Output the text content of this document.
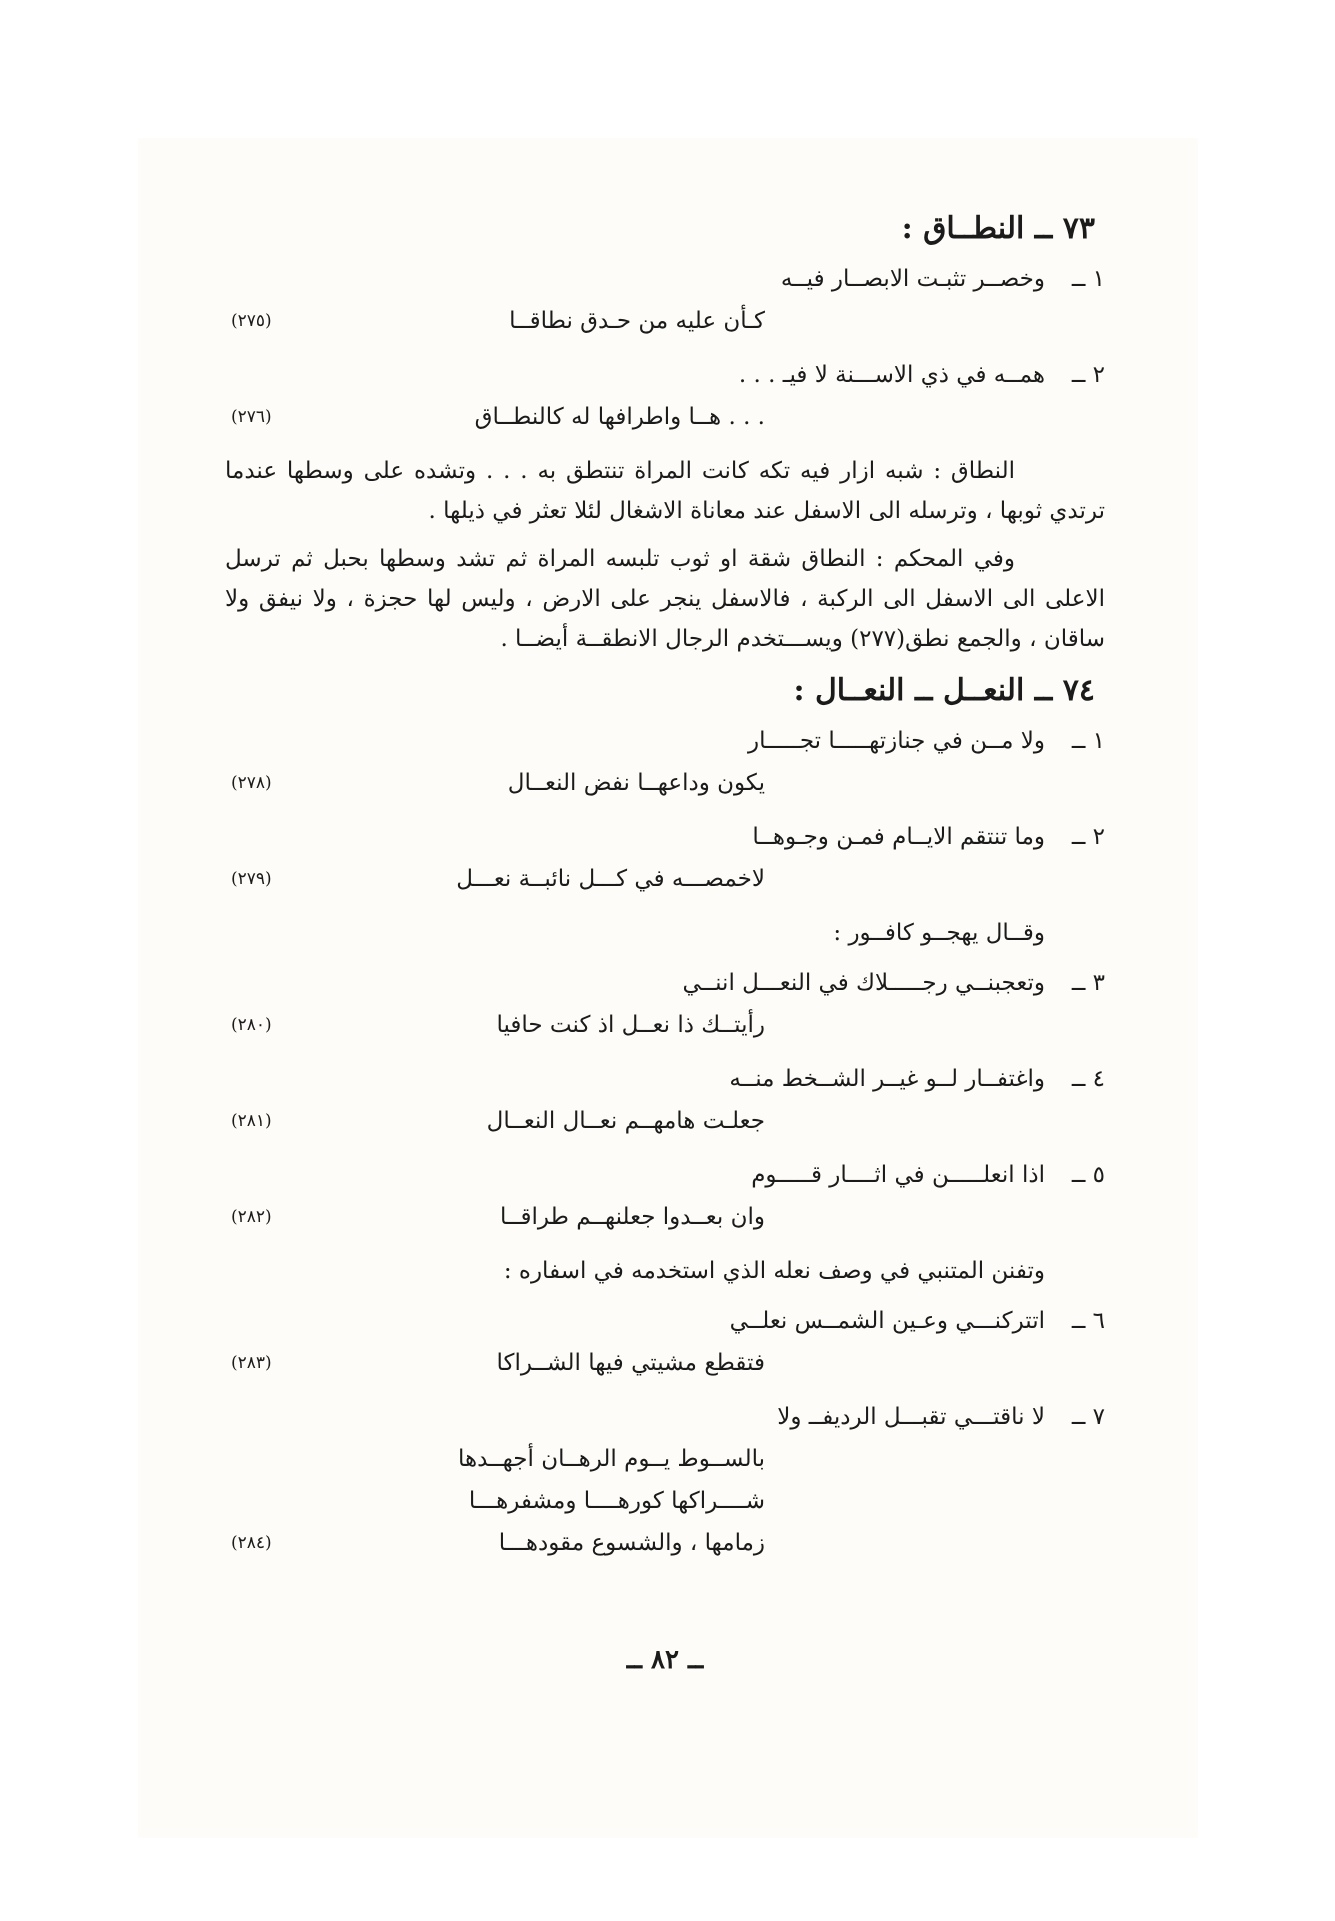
٧٣ ــ النطــاق :
١ ــ
وخصــر تثبـت الابصــار فيــه
كـأن عليه من حـدق نطاقــا
(٢٧٥)
٢ ــ
همــه في ذي الاســـنة لا فيـ . . .
. . . هــا واطرافها له كالنطــاق
(٢٧٦)

النطاق : شبه ازار فيه تكه كانت المراة تنتطق به . . . وتشده على وسطها عندما ترتدي ثوبها ، وترسله الى الاسفل عند معاناة الاشغال لئلا تعثر في ذيلها .

وفي المحكم : النطاق شقة او ثوب تلبسه المراة ثم تشد وسطها بحبل ثم ترسل الاعلى الى الاسفل الى الركبة ، فالاسفل ينجر على الارض ، وليس لها حجزة ، ولا نيفق ولا ساقان ، والجمع نطق(٢٧٧) ويســـتخدم الرجال الانطقــة أيضــا .

٧٤ ــ النعــل ــ النعــال :
١ ــ
ولا مــن في جنازتهـــــا تجـــــار
يكون وداعهــا نفض النعــال
(٢٧٨)
٢ ــ
وما تنتقم الايــام فمـن وجـوهــا
لاخمصـــه في كـــل نائبــة نعـــل
(٢٧٩)
وقــال يهجــو كافــور :
٣ ــ
وتعجبنــي رجـــــلاك في النعـــل اننــي
رأيتــك ذا نعــل اذ كنت حافيا
(٢٨٠)
٤ ــ
واغتفــار لــو غيــر الشــخط منــه
جعلـت هامهــم نعــال النعــال
(٢٨١)
٥ ــ
اذا انعلـــــن في اثــــار قـــــوم
وان بعــدوا جعلنهــم طراقــا
(٢٨٢)
وتفنن المتنبي في وصف نعله الذي استخدمه في اسفاره :
٦ ــ
اتتركنـــي وعـين الشمــس نعلــي
فتقطع مشيتي فيها الشــراكا
(٢٨٣)
٧ ــ
لا ناقتـــي تقبـــل الرديفــ ولا
بالســوط يــوم الرهــان أجهــدها
شــــراكها كورهــــا ومشفرهـــا
زمامها ، والشسوع مقودهـــا
(٢٨٤)
ــ ٨٢ ــ
